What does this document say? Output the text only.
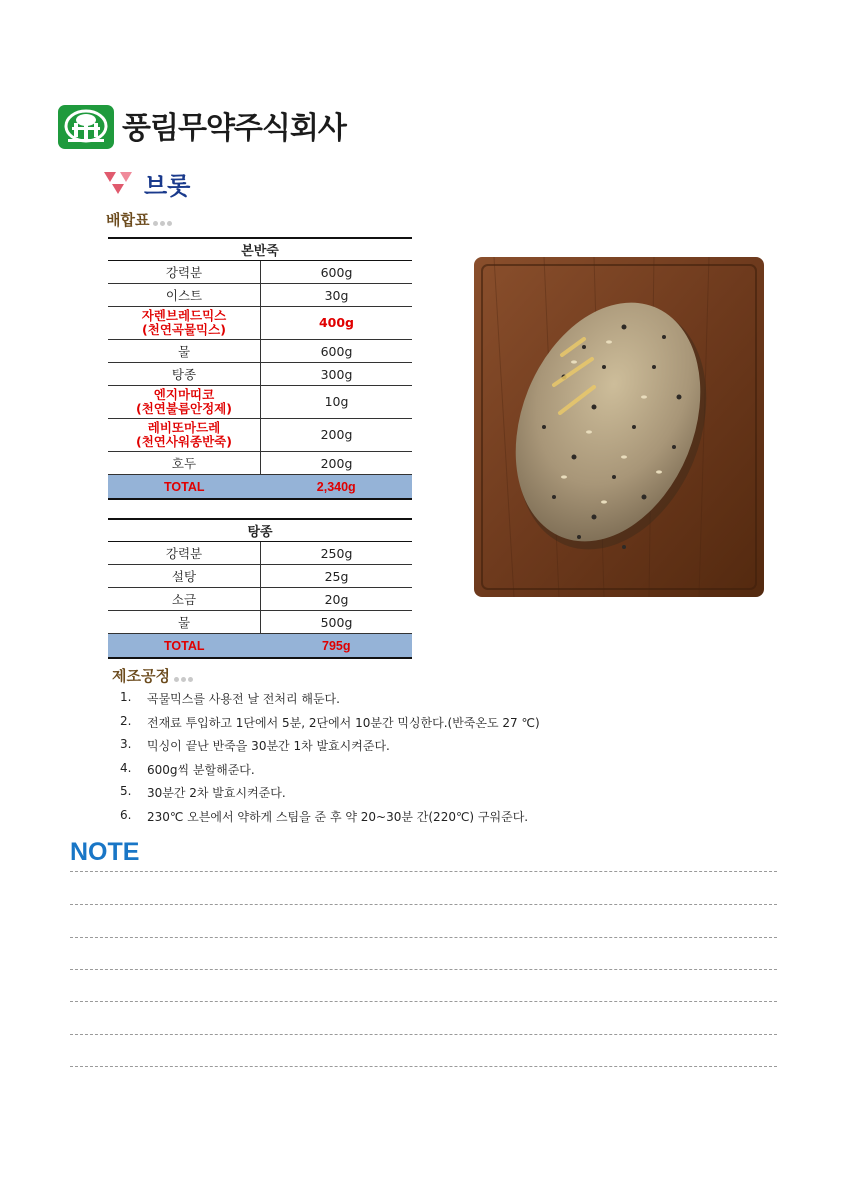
풍림무약주식회사
브롯
배합표
본반죽	
강력분	600g
이스트	30g

자렌브레드믹스
(천연곡물믹스)	400g
물	600g
탕종	300g

엔지마띠코
(천연불름안정제)	10g

레비또마드레
(천연사워종반죽)	200g
호두	200g
TOTAL	2,340g
탕종	
강력분	250g
설탕	25g
소금	20g
물	500g
TOTAL	795g
제조공정
1.	곡물믹스를 사용전 날 전처리 해둔다.
2.	전재료 투입하고 1단에서 5분, 2단에서 10분간 믹싱한다.(반죽온도 27 ℃)
3.	믹싱이 끝난 반죽을 30분간 1차 발효시켜준다.
4.	600g씩 분할해준다.
5.	30분간 2차 발효시켜준다.
6.	230℃ 오븐에서 약하게 스팀을 준 후 약 20~30분 간(220℃) 구워준다.
NOTE
